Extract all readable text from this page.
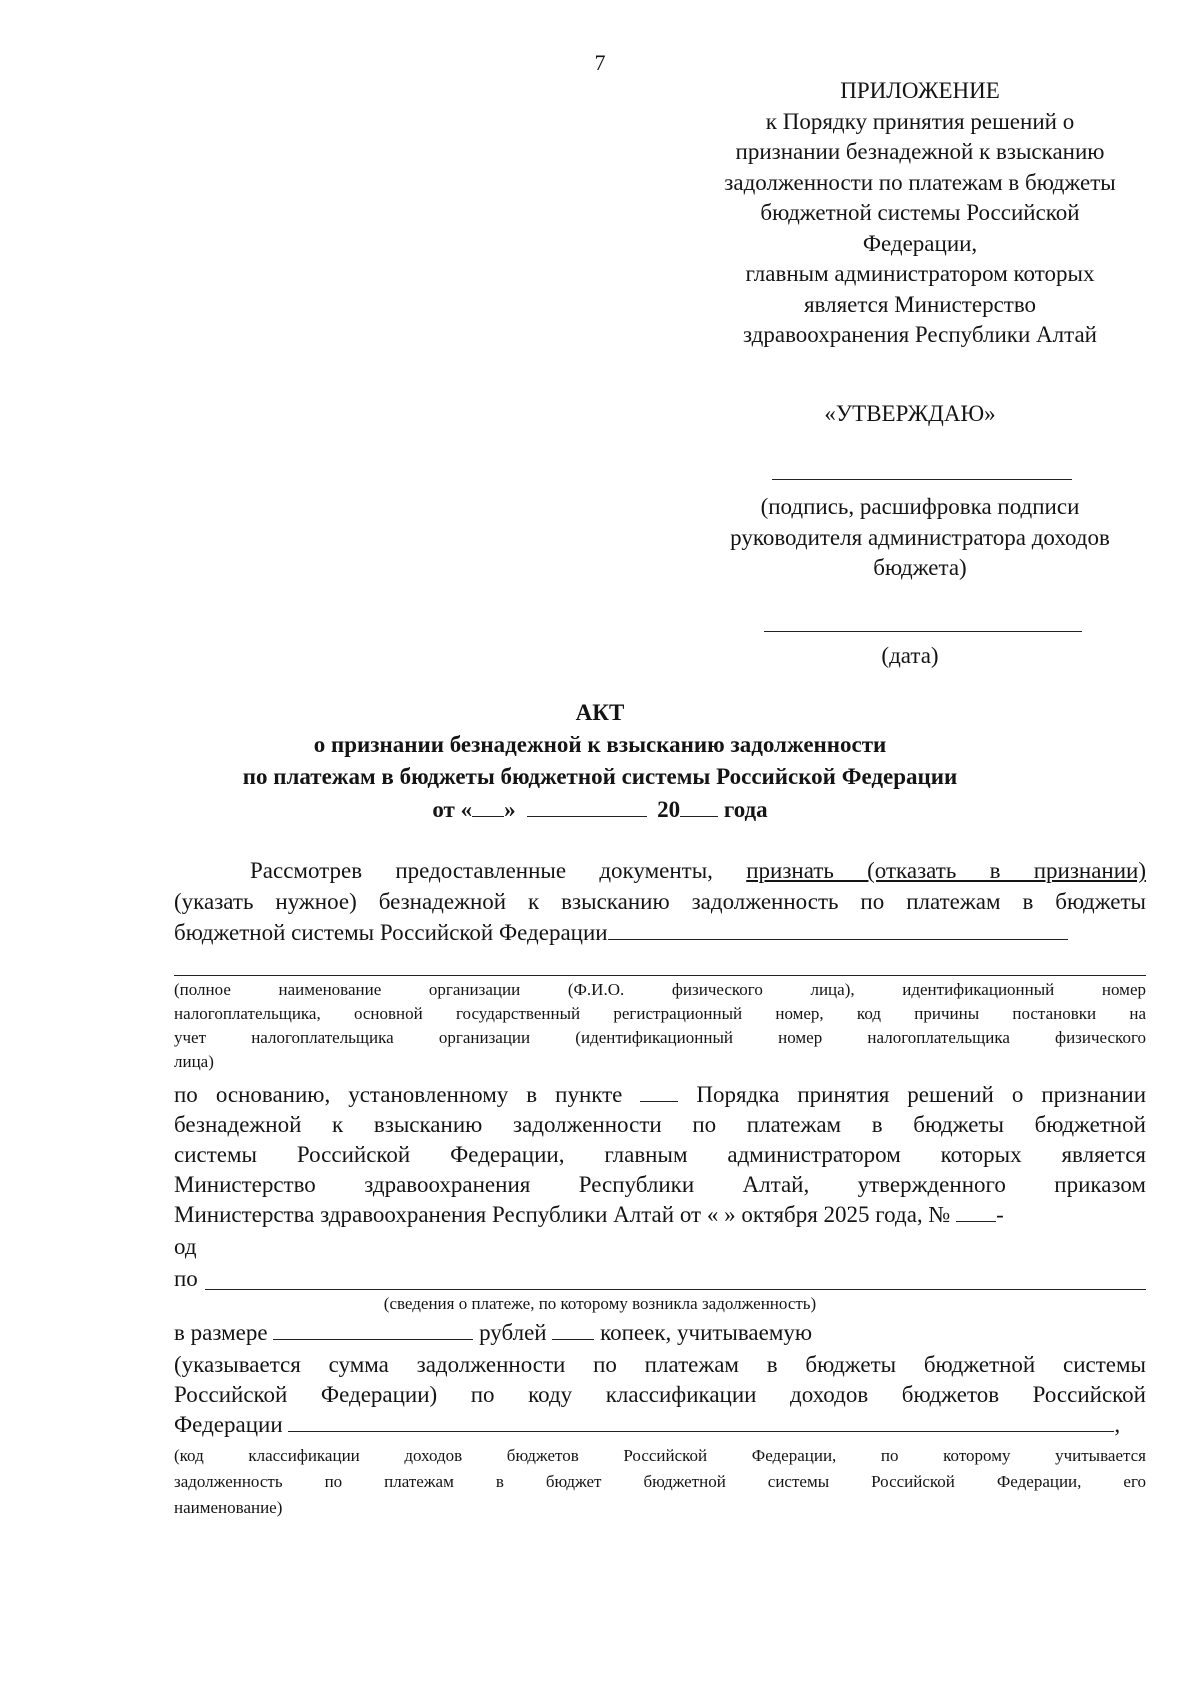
7
ПРИЛОЖЕНИЕ
к Порядку принятия решений о
признании безнадежной к взысканию
задолженности по платежам в бюджеты
бюджетной системы Российской
Федерации,
главным администратором которых
является Министерство
здравоохранения Республики Алтай
«УТВЕРЖДАЮ»
(подпись, расшифровка подписи
руководителя администратора доходов
бюджета)
(дата)
АКТ
о признании безнадежной к взысканию задолженности
по платежам в бюджеты бюджетной системы Российской Федерации
от « »	20 года
Рассмотрев предоставленные документы, признать (отказать в признании)
(указать нужное) безнадежной к взысканию задолженность по платежам в бюджеты
бюджетной системы Российской Федерации
(полное наименование организации (Ф.И.О. физического лица), идентификационный номер
налогоплательщика, основной государственный регистрационный номер, код причины постановки на
учет налогоплательщика организации (идентификационный номер налогоплательщика физического
лица)
по основанию, установленному в пункте	Порядка принятия решений о признании
безнадежной к взысканию задолженности по платежам в бюджеты бюджетной
системы Российской Федерации, главным администратором которых является
Министерство здравоохранения Республики Алтай, утвержденного приказом
Министерства здравоохранения Республики Алтай от « » октября 2025 года, № -
од
по
(сведения о платеже, по которому возникла задолженность)
в размере	рублей копеек, учитываемую
(указывается сумма задолженности по платежам в бюджеты бюджетной системы
Российской Федерации) по коду классификации доходов бюджетов Российской
Федерации	,
(код классификации доходов бюджетов Российской Федерации, по которому учитывается
задолженность по платежам в бюджет бюджетной системы Российской Федерации, его
наименование)
